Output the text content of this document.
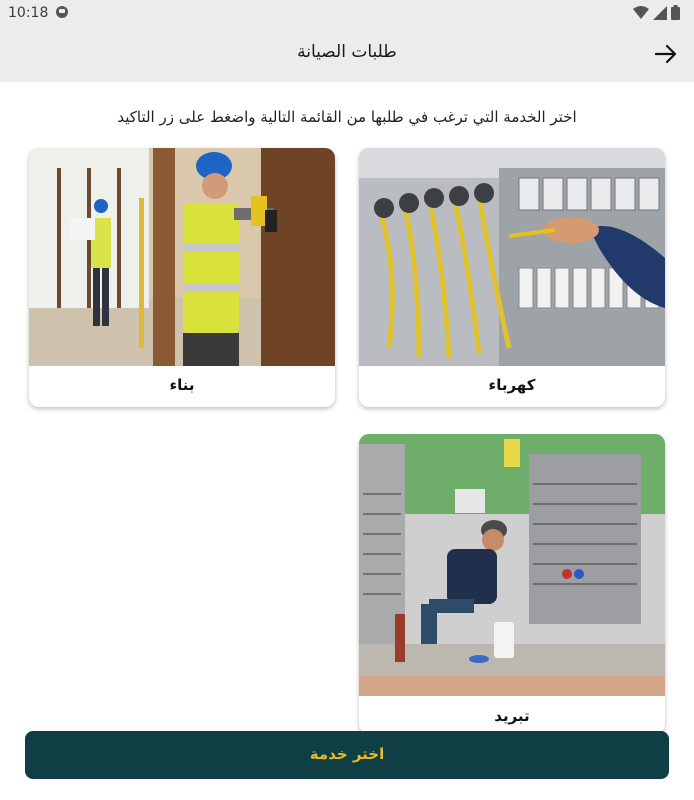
10:18
طلبات الصيانة
اختر الخدمة التي ترغب في طلبها من القائمة التالية واضغط على زر التاكيد
كهرباء
بناء
تبريد
اختر خدمة
